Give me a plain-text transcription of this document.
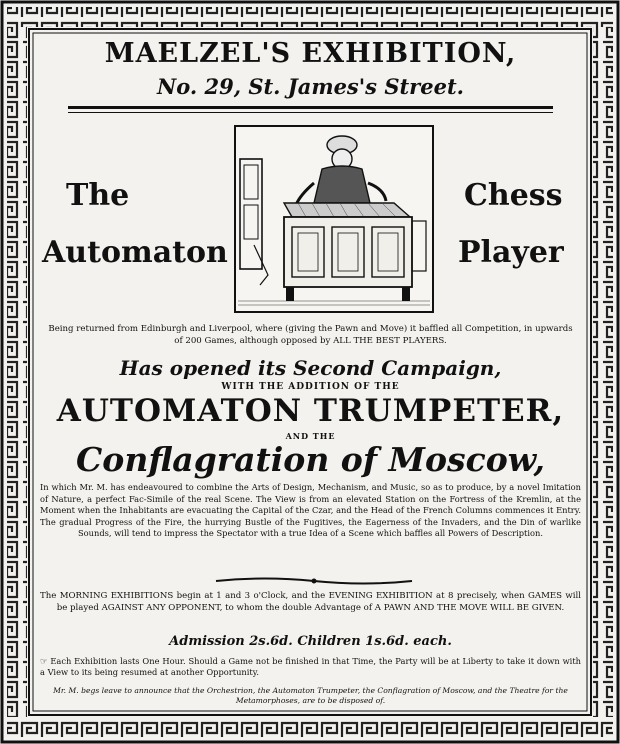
MAELZEL'S EXHIBITION,
No. 29, St. James's Street.
The
Automaton
Chess
Player
Being returned from Edinburgh and Liverpool, where (giving the Pawn and Move) it baffled all Competition, in upwards of 200 Games, although opposed by ALL THE BEST PLAYERS.
Has opened its Second Campaign,
WITH THE ADDITION OF THE
AUTOMATON TRUMPETER,
AND THE
Conflagration of Moscow,
In which Mr. M. has endeavoured to combine the Arts of Design, Mechanism, and Music, so as to produce, by a novel Imitation of Nature, a perfect Fac-Simile of the real Scene. The View is from an elevated Station on the Fortress of the Kremlin, at the Moment when the Inhabitants are evacuating the Capital of the Czar, and the Head of the French Columns commences it Entry. The gradual Progress of the Fire, the hurrying Bustle of the Fugitives, the Eagerness of the Invaders, and the Din of warlike Sounds, will tend to impress the Spectator with a true Idea of a Scene which baffles all Powers of Description.
The MORNING EXHIBITIONS begin at 1 and 3 o'Clock, and the EVENING EXHIBITION at 8 precisely, when GAMES will be played AGAINST ANY OPPONENT, to whom the double Advantage of A PAWN AND THE MOVE WILL BE GIVEN.
Admission 2s.6d. Children 1s.6d. each.
☞ Each Exhibition lasts One Hour. Should a Game not be finished in that Time, the Party will be at Liberty to take it down with a View to its being resumed at another Opportunity.
Mr. M. begs leave to announce that the Orchestrion, the Automaton Trumpeter, the Conflagration of Moscow, and the Theatre for the Metamorphoses, are to be disposed of.
